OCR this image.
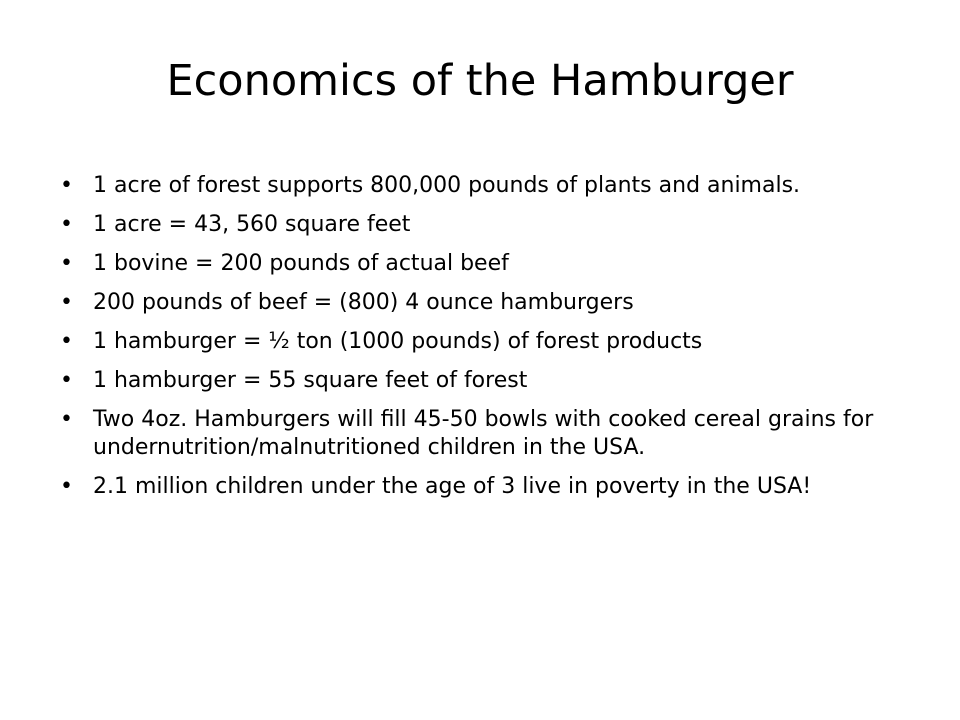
Economics of the Hamburger
• 1 acre of forest supports 800,000 pounds of plants and animals.
• 1 acre = 43, 560 square feet
• 1 bovine = 200 pounds of actual beef
• 200 pounds of beef = (800) 4 ounce hamburgers
• 1 hamburger = ½ ton (1000 pounds) of forest products
• 1 hamburger = 55 square feet of forest
• Two 4oz. Hamburgers will fill 45-50 bowls with cooked cereal grains for undernutrition/malnutritioned children in the USA.
• 2.1 million children under the age of 3 live in poverty in the USA!
